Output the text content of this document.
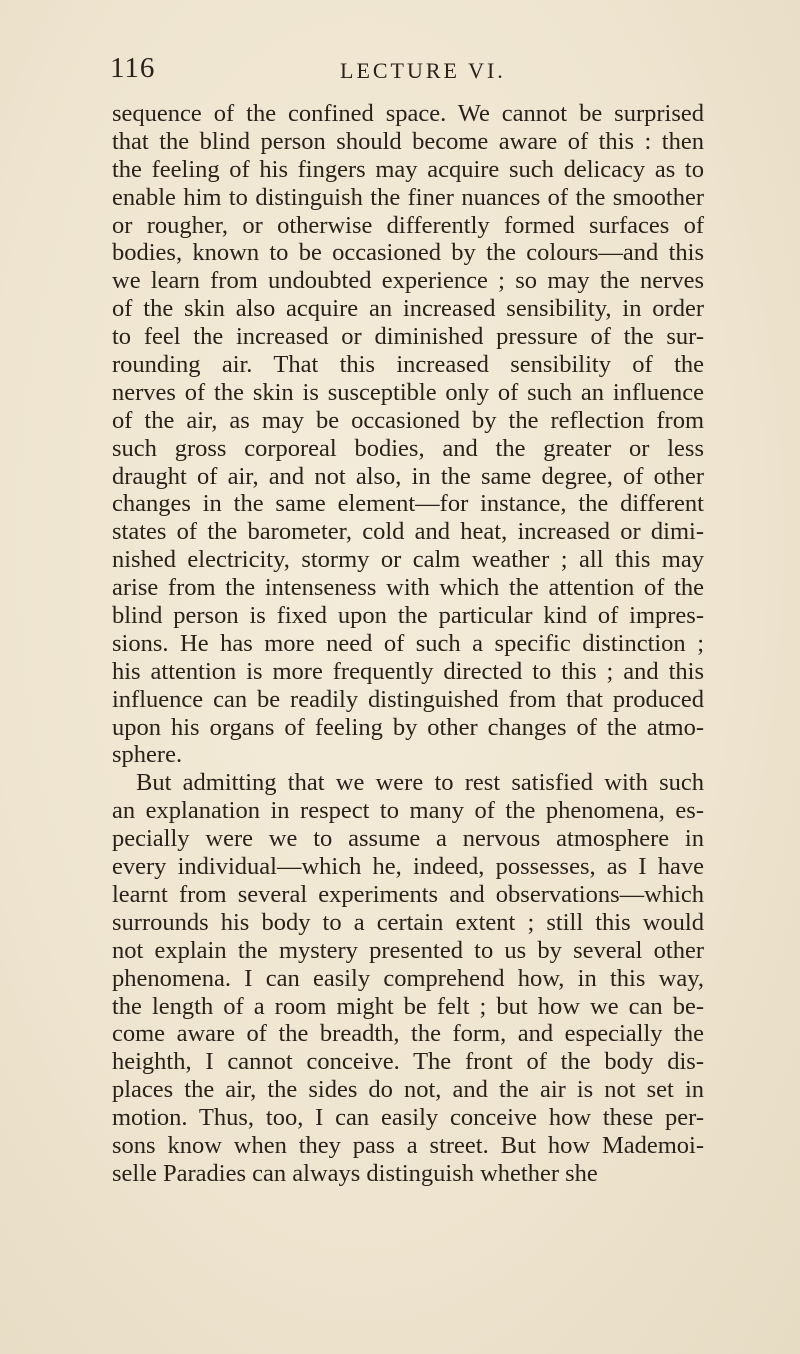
116	LECTURE VI.
sequence of the confined space. We cannot be surprised
that the blind person should become aware of this : then
the feeling of his fingers may acquire such delicacy as to
enable him to distinguish the finer nuances of the smoother
or rougher, or otherwise differently formed surfaces of
bodies, known to be occasioned by the colours—and this
we learn from undoubted experience ; so may the nerves
of the skin also acquire an increased sensibility, in order
to feel the increased or diminished pressure of the sur-
rounding air. That this increased sensibility of the
nerves of the skin is susceptible only of such an influence
of the air, as may be occasioned by the reflection from
such gross corporeal bodies, and the greater or less
draught of air, and not also, in the same degree, of other
changes in the same element—for instance, the different
states of the barometer, cold and heat, increased or dimi-
nished electricity, stormy or calm weather ; all this may
arise from the intenseness with which the attention of the
blind person is fixed upon the particular kind of impres-
sions. He has more need of such a specific distinction ;
his attention is more frequently directed to this ; and this
influence can be readily distinguished from that produced
upon his organs of feeling by other changes of the atmo-
sphere.
But admitting that we were to rest satisfied with such
an explanation in respect to many of the phenomena, es-
pecially were we to assume a nervous atmosphere in
every individual—which he, indeed, possesses, as I have
learnt from several experiments and observations—which
surrounds his body to a certain extent ; still this would
not explain the mystery presented to us by several other
phenomena. I can easily comprehend how, in this way,
the length of a room might be felt ; but how we can be-
come aware of the breadth, the form, and especially the
heighth, I cannot conceive. The front of the body dis-
places the air, the sides do not, and the air is not set in
motion. Thus, too, I can easily conceive how these per-
sons know when they pass a street. But how Mademoi-
selle Paradies can always distinguish whether she
